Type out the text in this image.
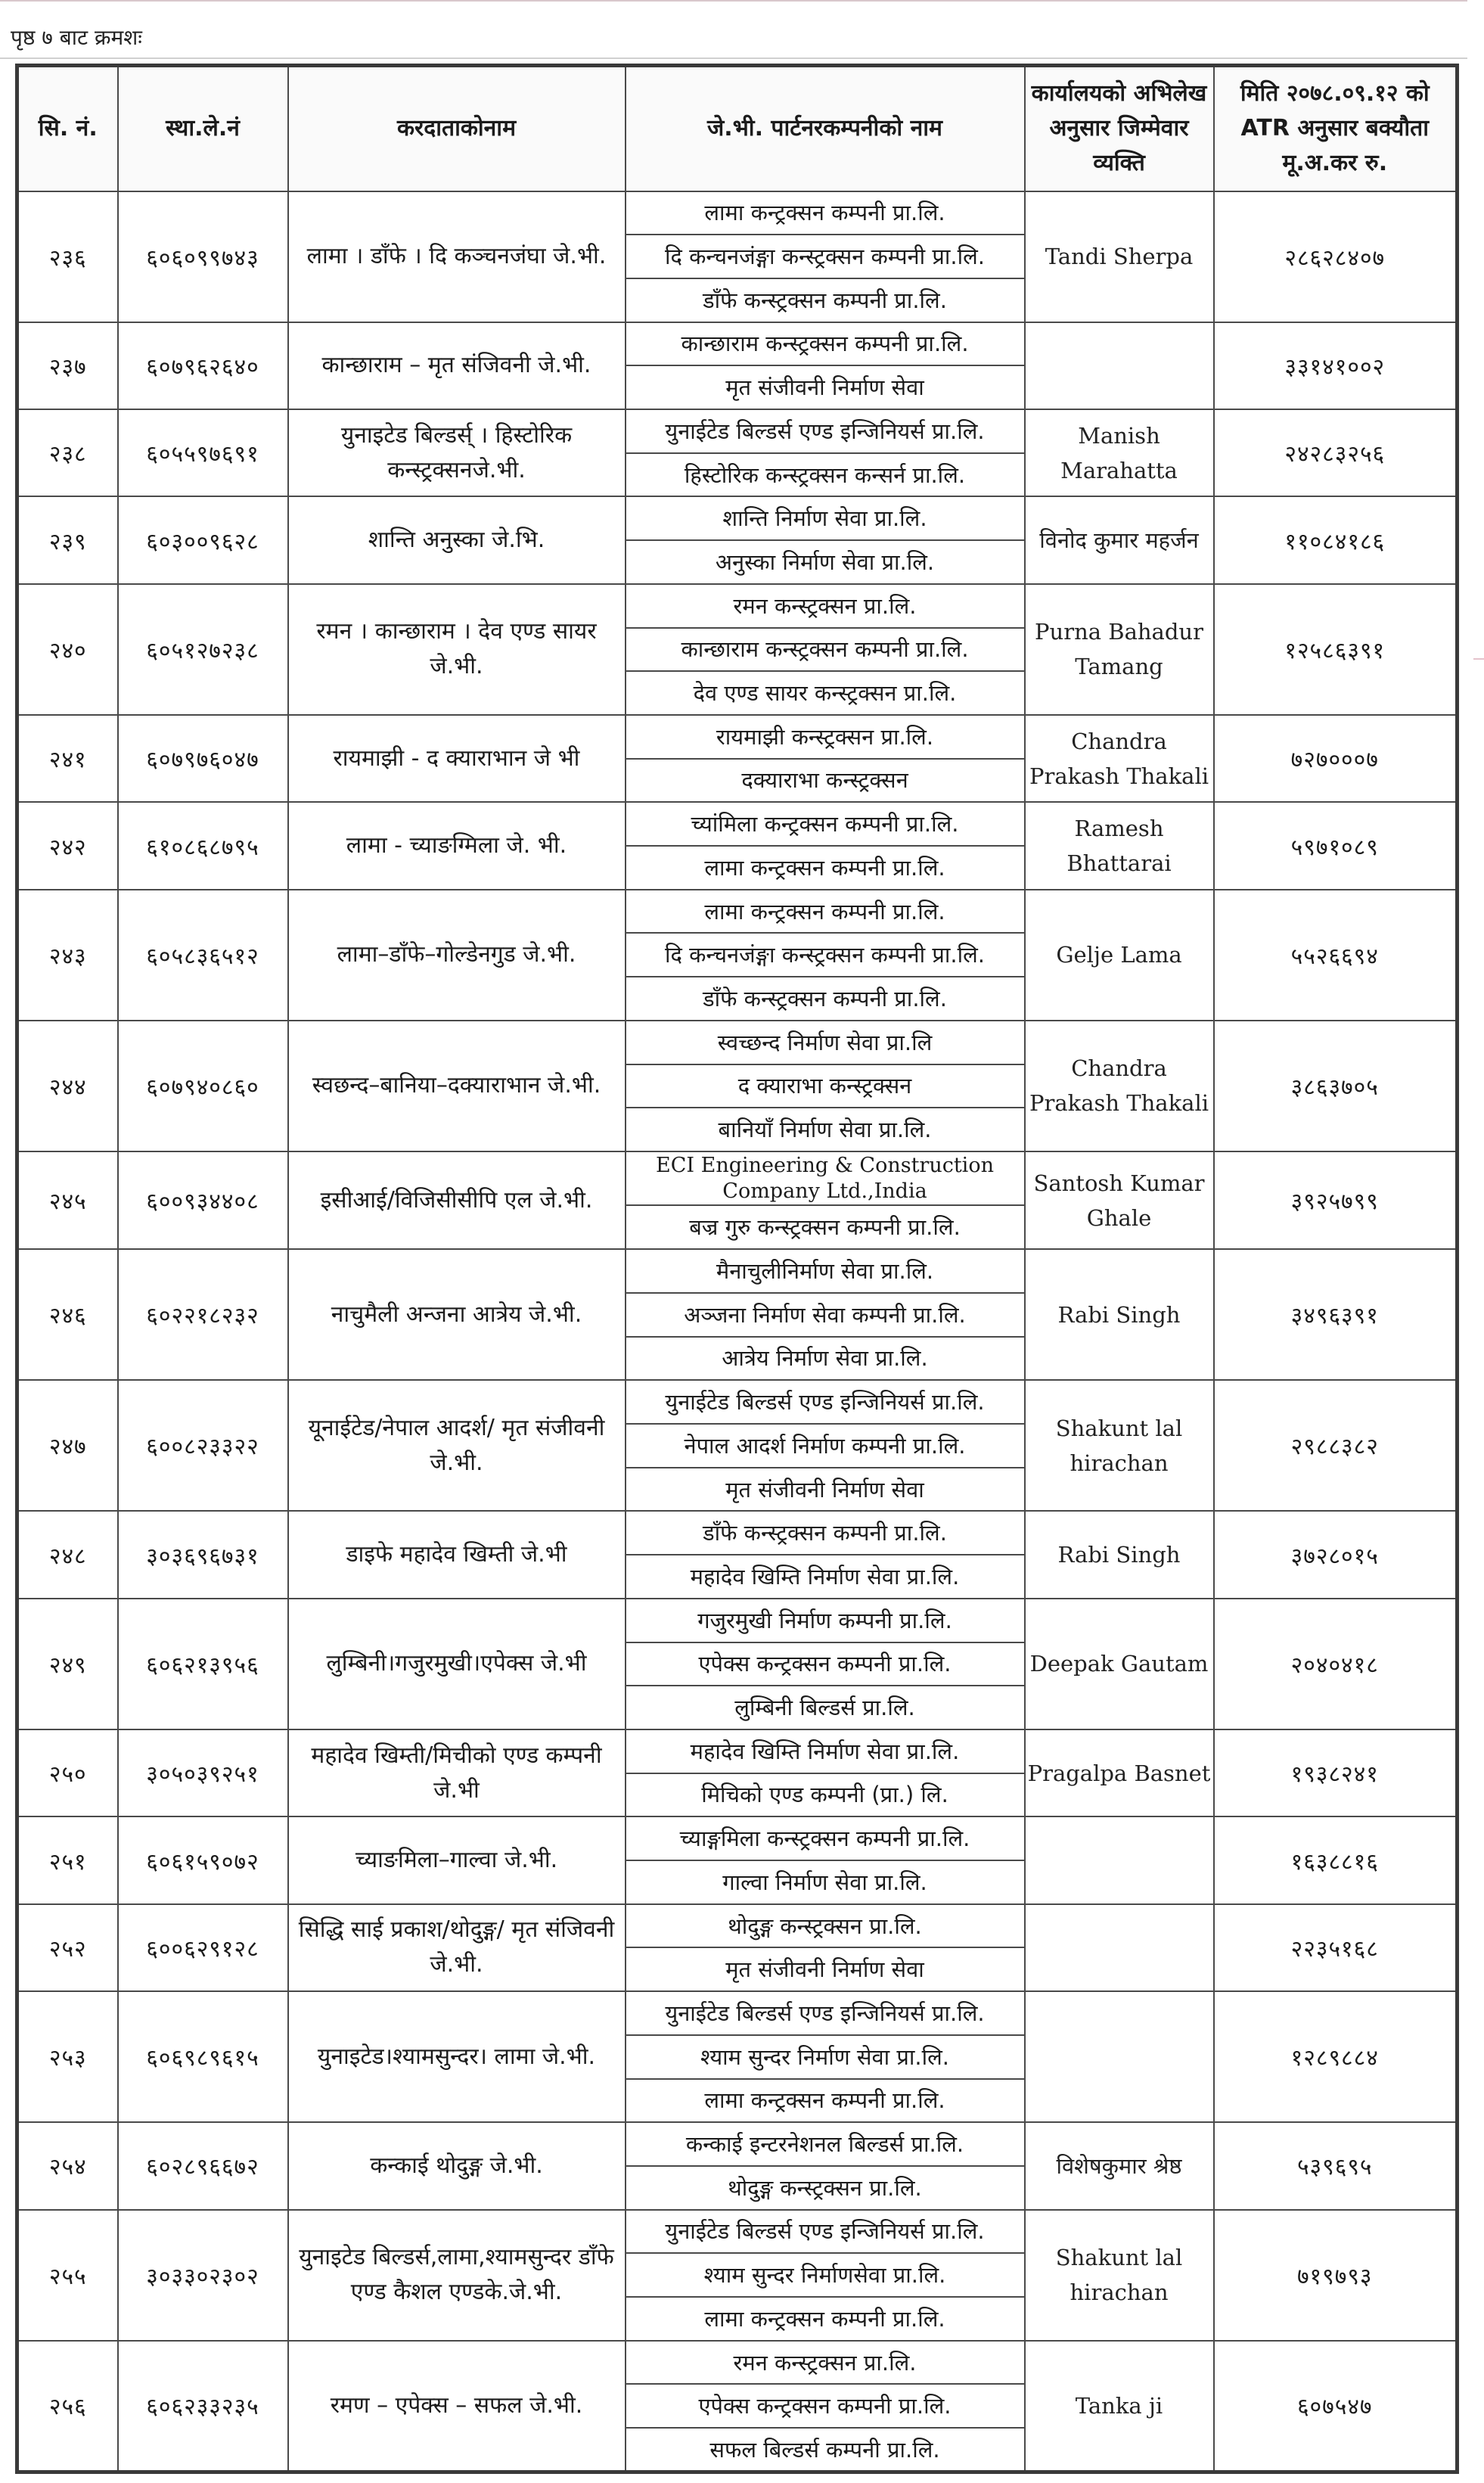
पृष्ठ ७ बाट क्रमशः
सि. नं.	स्था.ले.नं	करदाताकोनाम	जे.भी. पार्टनरकम्पनीको नाम	कार्यालयको अभिलेख अनुसार जिम्मेवार व्यक्ति	मिति २०७८.०९.१२ को ATR अनुसार बक्यौता मू.अ.कर रु.
२३६	६०६०९९७४३	लामा । डाँफे । दि कञ्चनजंघा जे.भी.	लामा कन्ट्रक्सन कम्पनी प्रा.लि.	Tandi Sherpa	२८६२८४०७
			दि कन्चनजंङ्गा कन्स्ट्रक्सन कम्पनी प्रा.लि.		
			डाँफे कन्स्ट्रक्सन कम्पनी प्रा.लि.		
२३७	६०७९६२६४०	कान्छाराम – मृत संजिवनी जे.भी.	कान्छाराम कन्स्ट्रक्सन कम्पनी प्रा.लि.		३३१४१००२
			मृत संजीवनी निर्माण सेवा		
२३८	६०५५९७६९१	युनाइटेड बिल्डर्स् । हिस्टोरिक कन्स्ट्रक्सनजे.भी.	युनाईटेड बिल्डर्स एण्ड इन्जिनियर्स प्रा.लि.	Manish Marahatta	२४२८३२५६
			हिस्टोरिक कन्स्ट्रक्सन कन्सर्न प्रा.लि.		
२३९	६०३००९६२८	शान्ति अनुस्का जे.भि.	शान्ति निर्माण सेवा प्रा.लि.	विनोद कुमार महर्जन	११०८४१८६
			अनुस्का निर्माण सेवा प्रा.लि.		
२४०	६०५१२७२३८	रमन । कान्छाराम । देव एण्ड सायर जे.भी.	रमन कन्स्ट्रक्सन प्रा.लि.	Purna Bahadur Tamang	१२५८६३९१
			कान्छाराम कन्स्ट्रक्सन कम्पनी प्रा.लि.		
			देव एण्ड सायर कन्स्ट्रक्सन प्रा.लि.		
२४१	६०७९७६०४७	रायमाझी - द क्याराभान जे भी	रायमाझी कन्स्ट्रक्सन प्रा.लि.	Chandra Prakash Thakali	७२७०००७
			दक्याराभा कन्स्ट्रक्सन		
२४२	६१०८६८७९५	लामा - च्याङग्मिला जे. भी.	च्यांमिला कन्ट्रक्सन कम्पनी प्रा.लि.	Ramesh Bhattarai	५९७१०८९
			लामा कन्ट्रक्सन कम्पनी प्रा.लि.		
२४३	६०५८३६५१२	लामा–डाँफे–गोल्डेनगुड जे.भी.	लामा कन्ट्रक्सन कम्पनी प्रा.लि.	Gelje Lama	५५२६६९४
			दि कन्चनजंङ्गा कन्स्ट्रक्सन कम्पनी प्रा.लि.		
			डाँफे कन्स्ट्रक्सन कम्पनी प्रा.लि.		
२४४	६०७९४०८६०	स्वछन्द–बानिया–दक्याराभान जे.भी.	स्वच्छन्द निर्माण सेवा प्रा.लि	Chandra Prakash Thakali	३८६३७०५
			द क्याराभा कन्स्ट्रक्सन		
			बानियाँ निर्माण सेवा प्रा.लि.		
२४५	६००९३४४०८	इसीआई/विजिसीसीपि एल जे.भी.	ECI Engineering & Construction Company Ltd.,India	Santosh Kumar Ghale	३९२५७९९
			बज्र गुरु कन्स्ट्रक्सन कम्पनी प्रा.लि.		
२४६	६०२२१८२३२	नाचुमैली अन्जना आत्रेय जे.भी.	मैनाचुलीनिर्माण सेवा प्रा.लि.	Rabi Singh	३४९६३९१
			अञ्जना निर्माण सेवा कम्पनी प्रा.लि.		
			आत्रेय निर्माण सेवा प्रा.लि.		
२४७	६००८२३३२२	यूनाईटेड/नेपाल आदर्श/ मृत संजीवनी जे.भी.	युनाईटेड बिल्डर्स एण्ड इन्जिनियर्स प्रा.लि.	Shakunt lal hirachan	२९८८३८२
			नेपाल आदर्श निर्माण कम्पनी प्रा.लि.		
			मृत संजीवनी निर्माण सेवा		
२४८	३०३६९६७३१	डाइफे महादेव खिम्ती जे.भी	डाँफे कन्स्ट्रक्सन कम्पनी प्रा.लि.	Rabi Singh	३७२८०१५
			महादेव खिम्ति निर्माण सेवा प्रा.लि.		
२४९	६०६२१३९५६	लुम्बिनी।गजुरमुखी।एपेक्स जे.भी	गजुरमुखी निर्माण कम्पनी प्रा.लि.	Deepak Gautam	२०४०४१८
			एपेक्स कन्ट्रक्सन कम्पनी प्रा.लि.		
			लुम्बिनी बिल्डर्स प्रा.लि.		
२५०	३०५०३९२५१	महादेव खिम्ती/मिचीको एण्ड कम्पनी जे.भी	महादेव खिम्ति निर्माण सेवा प्रा.लि.	Pragalpa Basnet	१९३८२४१
			मिचिको एण्ड कम्पनी (प्रा.) लि.		
२५१	६०६१५९०७२	च्याङमिला–गाल्वा जे.भी.	च्याङ्गमिला कन्स्ट्रक्सन कम्पनी प्रा.लि.		१६३८८१६
			गाल्वा निर्माण सेवा प्रा.लि.		
२५२	६००६२९१२८	सिद्धि साई प्रकाश/थोदुङ्ग/ मृत संजिवनी जे.भी.	थोदुङ्ग कन्स्ट्रक्सन प्रा.लि.		२२३५१६८
			मृत संजीवनी निर्माण सेवा		
२५३	६०६९८९६१५	युनाइटेड।श्यामसुन्दर। लामा जे.भी.	युनाईटेड बिल्डर्स एण्ड इन्जिनियर्स प्रा.लि.		१२८९८८४
			श्याम सुन्दर निर्माण सेवा प्रा.लि.		
			लामा कन्ट्रक्सन कम्पनी प्रा.लि.		
२५४	६०२८९६६७२	कन्काई थोदुङ्ग जे.भी.	कन्काई इन्टरनेशनल बिल्डर्स प्रा.लि.	विशेषकुमार श्रेष्ठ	५३९६९५
			थोदुङ्ग कन्स्ट्रक्सन प्रा.लि.		
२५५	३०३३०२३०२	युनाइटेड बिल्डर्स,लामा,श्यामसुन्दर डाँफे एण्ड कैशल एण्डके.जे.भी.	युनाईटेड बिल्डर्स एण्ड इन्जिनियर्स प्रा.लि.	Shakunt lal hirachan	७१९७९३
			श्याम सुन्दर निर्माणसेवा प्रा.लि.		
			लामा कन्ट्रक्सन कम्पनी प्रा.लि.		
२५६	६०६२३३२३५	रमण – एपेक्स – सफल जे.भी.	रमन कन्स्ट्रक्सन प्रा.लि.	Tanka ji	६०७५४७
			एपेक्स कन्ट्रक्सन कम्पनी प्रा.लि.		
			सफल बिल्डर्स कम्पनी प्रा.लि.		
